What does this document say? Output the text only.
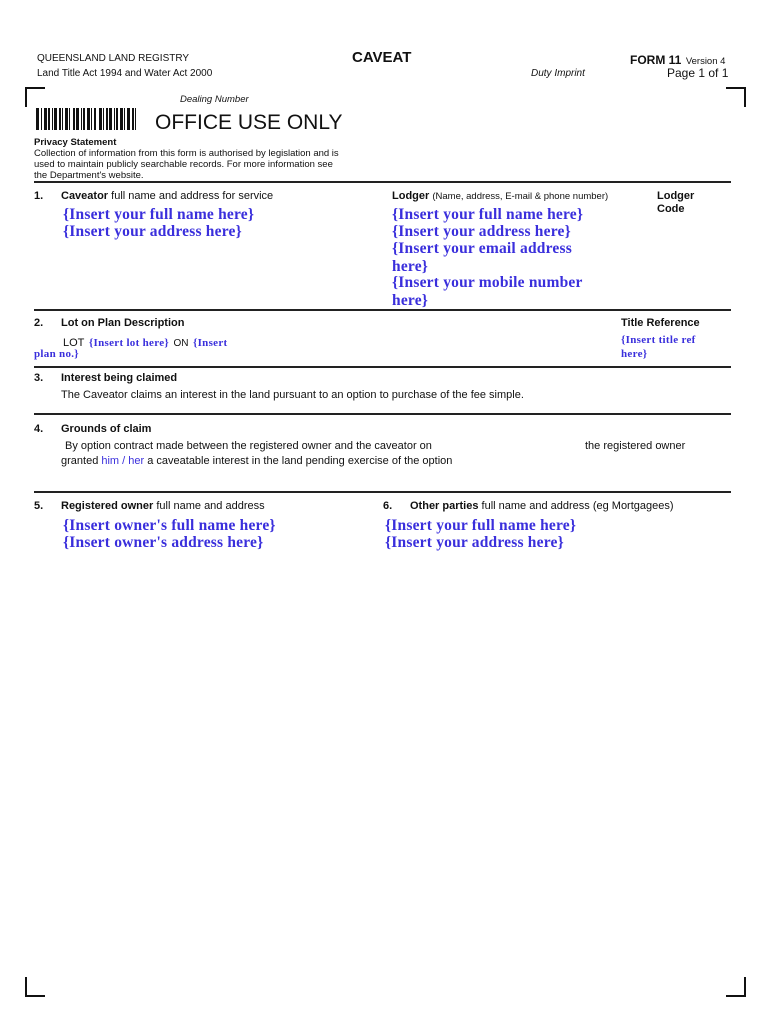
QUEENSLAND LAND REGISTRY
Land Title Act 1994 and Water Act 2000
CAVEAT
Duty Imprint
FORM 11 Version 4
Page 1 of 1
Dealing Number
OFFICE USE ONLY
Privacy Statement
Collection of information from this form is authorised by legislation and is
used to maintain publicly searchable records. For more information see
the Department's website.
1. Caveator full name and address for service
{Insert your full name here}
{Insert your address here}
Lodger (Name, address, E-mail & phone number)
{Insert your full name here}
{Insert your address here}
{Insert your email address
here}
{Insert your mobile number
here}
Lodger
Code
2. Lot on Plan Description	Title Reference
LOT {Insert lot here} ON {Insert
plan no.}
{Insert title ref
here}
3. Interest being claimed
The Caveator claims an interest in the land pursuant to an option to purchase of the fee simple.
4. Grounds of claim
By option contract made between the registered owner and the caveator on	the registered owner
granted him / her a caveatable interest in the land pending exercise of the option
5. Registered owner full name and address
{Insert owner's full name here}
{Insert owner's address here}
6. Other parties full name and address (eg Mortgagees)
{Insert your full name here}
{Insert your address here}
